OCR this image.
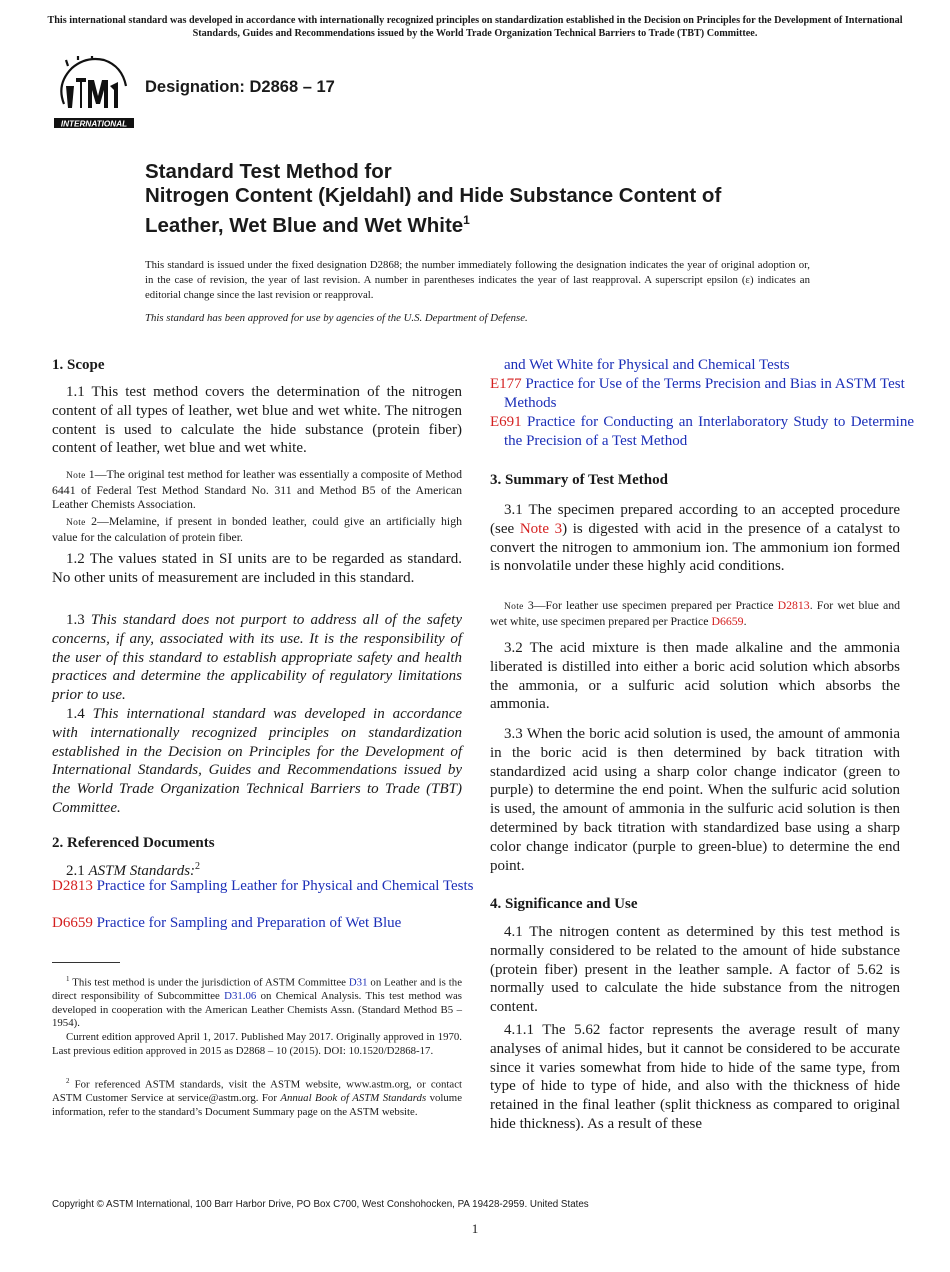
This international standard was developed in accordance with internationally recognized principles on standardization established in the Decision on Principles for the Development of International Standards, Guides and Recommendations issued by the World Trade Organization Technical Barriers to Trade (TBT) Committee.
INTERNATIONAL
Designation: D2868 – 17
Standard Test Method for
Nitrogen Content (Kjeldahl) and Hide Substance Content of
Leather, Wet Blue and Wet White$^1$
This standard is issued under the fixed designation D2868; the number immediately following the designation indicates the year of original adoption or, in the case of revision, the year of last revision. A number in parentheses indicates the year of last reapproval. A superscript epsilon (ε) indicates an editorial change since the last revision or reapproval.
This standard has been approved for use by agencies of the U.S. Department of Defense.

1. Scope

1.1 This test method covers the determination of the nitrogen content of all types of leather, wet blue and wet white. The nitrogen content is used to calculate the hide substance (protein fiber) content of leather, wet blue and wet white.

Note 1—The original test method for leather was essentially a composite of Method 6441 of Federal Test Method Standard No. 311 and Method B5 of the American Leather Chemists Association.

Note 2—Melamine, if present in bonded leather, could give an artificially high value for the calculation of protein fiber.

1.2 The values stated in SI units are to be regarded as standard. No other units of measurement are included in this standard.

1.3 This standard does not purport to address all of the safety concerns, if any, associated with its use. It is the responsibility of the user of this standard to establish appropriate safety and health practices and determine the applicability of regulatory limitations prior to use.

1.4 This international standard was developed in accordance with internationally recognized principles on standardization established in the Decision on Principles for the Development of International Standards, Guides and Recommendations issued by the World Trade Organization Technical Barriers to Trade (TBT) Committee.

2. Referenced Documents

2.1 ASTM Standards:$^2$

D2813 Practice for Sampling Leather for Physical and Chemical Tests

D6659 Practice for Sampling and Preparation of Wet Blue

and Wet White for Physical and Chemical Tests

E177 Practice for Use of the Terms Precision and Bias in ASTM Test Methods

E691 Practice for Conducting an Interlaboratory Study to Determine the Precision of a Test Method

3. Summary of Test Method

3.1 The specimen prepared according to an accepted procedure (see Note 3) is digested with acid in the presence of a catalyst to convert the nitrogen to ammonium ion. The ammonium ion formed is nonvolatile under these highly acid conditions.

Note 3—For leather use specimen prepared per Practice D2813. For wet blue and wet white, use specimen prepared per Practice D6659.

3.2 The acid mixture is then made alkaline and the ammonia liberated is distilled into either a boric acid solution which absorbs the ammonia, or a sulfuric acid solution which absorbs the ammonia.

3.3 When the boric acid solution is used, the amount of ammonia in the boric acid is then determined by back titration with standardized acid using a sharp color change indicator (green to purple) to determine the end point. When the sulfuric acid solution is used, the amount of ammonia in the sulfuric acid solution is then determined by back titration with standardized base using a sharp color change indicator (purple to green-blue) to determine the end point.

4. Significance and Use

4.1 The nitrogen content as determined by this test method is normally considered to be related to the amount of hide substance (protein fiber) present in the leather sample. A factor of 5.62 is normally used to calculate the hide substance from the nitrogen content.

4.1.1 The 5.62 factor represents the average result of many analyses of animal hides, but it cannot be considered to be accurate since it varies somewhat from hide to hide of the same type, from type of hide to type of hide, and also with the thickness of hide retained in the final leather (split thickness as compared to original hide thickness). As a result of these

$^1$ This test method is under the jurisdiction of ASTM Committee D31 on Leather and is the direct responsibility of Subcommittee D31.06 on Chemical Analysis. This test method was developed in cooperation with the American Leather Chemists Assn. (Standard Method B5 – 1954).

Current edition approved April 1, 2017. Published May 2017. Originally approved in 1970. Last previous edition approved in 2015 as D2868 – 10 (2015). DOI: 10.1520/D2868-17.

$^2$ For referenced ASTM standards, visit the ASTM website, www.astm.org, or contact ASTM Customer Service at service@astm.org. For Annual Book of ASTM Standards volume information, refer to the standard’s Document Summary page on the ASTM website.

Copyright © ASTM International, 100 Barr Harbor Drive, PO Box C700, West Conshohocken, PA 19428-2959. United States
1
